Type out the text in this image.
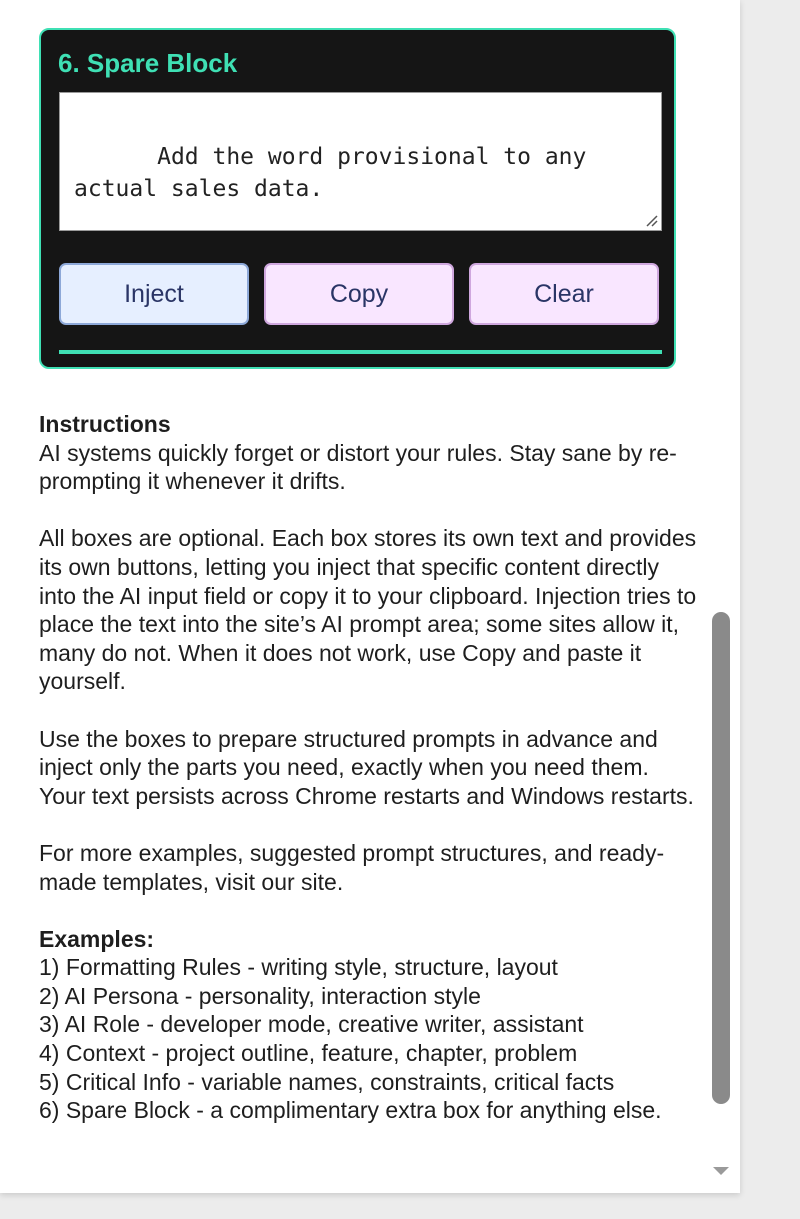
6. Spare Block

Add the word provisional to any
actual sales data.

Inject	Copy	Clear

Instructions
AI systems quickly forget or distort your rules. Stay sane by re-prompting it whenever it drifts.

All boxes are optional. Each box stores its own text and provides its own buttons, letting you inject that specific content directly into the AI input field or copy it to your clipboard. Injection tries to place the text into the site’s AI prompt area; some sites allow it, many do not. When it does not work, use Copy and paste it yourself.

Use the boxes to prepare structured prompts in advance and inject only the parts you need, exactly when you need them. Your text persists across Chrome restarts and Windows restarts.

For more examples, suggested prompt structures, and ready-made templates, visit our site.

Examples:
1) Formatting Rules - writing style, structure, layout
2) AI Persona - personality, interaction style
3) AI Role - developer mode, creative writer, assistant
4) Context - project outline, feature, chapter, problem
5) Critical Info - variable names, constraints, critical facts
6) Spare Block - a complimentary extra box for anything else.
